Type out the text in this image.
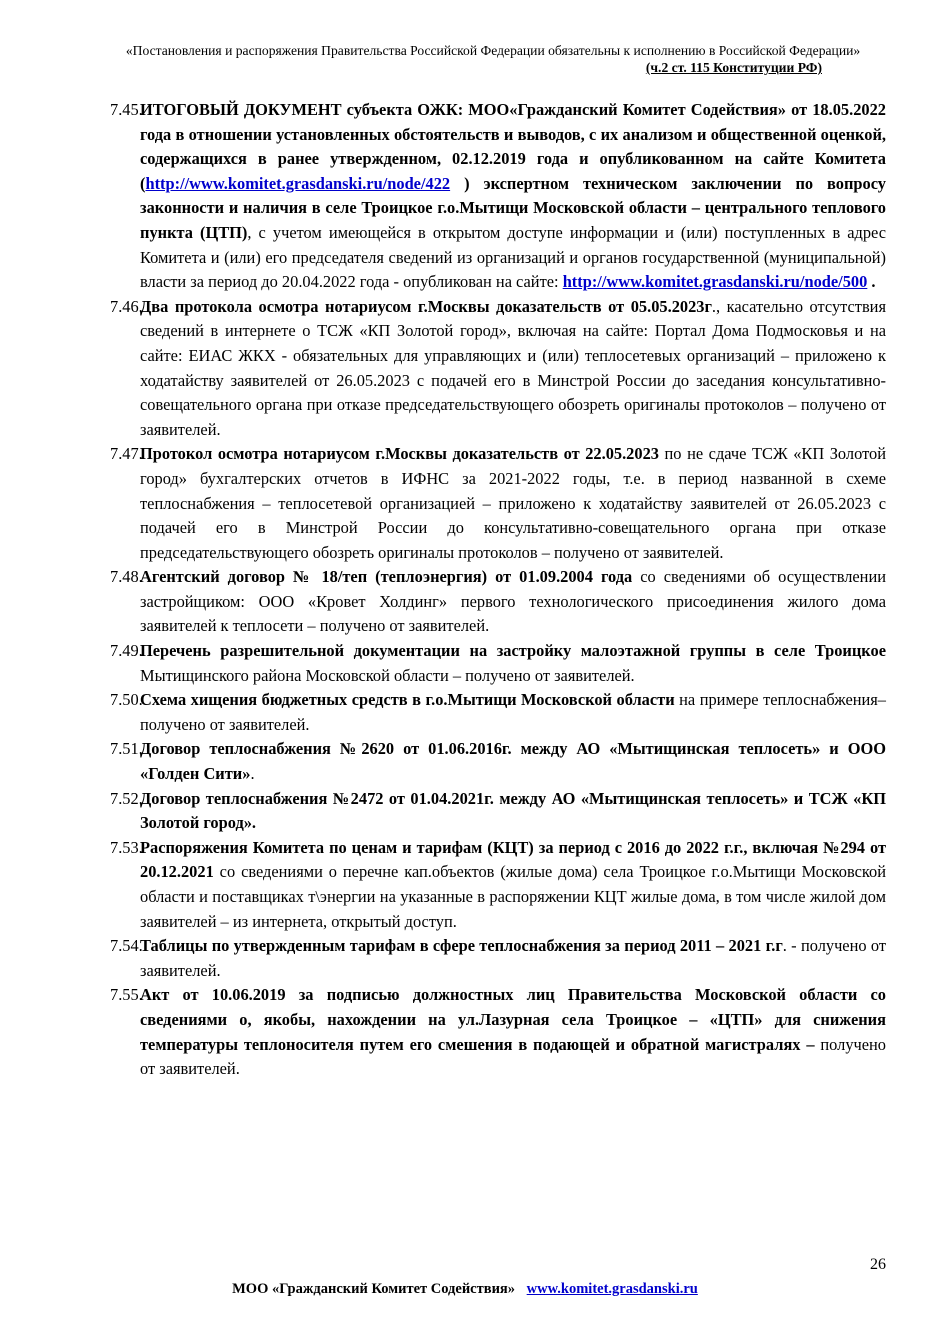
«Постановления и распоряжения Правительства Российской Федерации обязательны к исполнению в Российской Федерации»
(ч.2 ст. 115 Конституции РФ)
7.45.
ИТОГОВЫЙ ДОКУМЕНТ субъекта ОЖК: МОО«Гражданский Комитет Содействия» от 18.05.2022 года в отношении установленных обстоятельств и выводов, с их анализом и общественной оценкой, содержащихся в ранее утвержденном, 02.12.2019 года и опубликованном на сайте Комитета (http://www.komitet.grasdanski.ru/node/422 ) экспертном техническом заключении по вопросу законности и наличия в селе Троицкое г.о.Мытищи Московской области – центрального теплового пункта (ЦТП), с учетом имеющейся в открытом доступе информации и (или) поступленных в адрес Комитета и (или) его председателя сведений из организаций и органов государственной (муниципальной) власти за период до 20.04.2022 года - опубликован на сайте: http://www.komitet.grasdanski.ru/node/500 .
7.46.
Два протокола осмотра нотариусом г.Москвы доказательств от 05.05.2023г., касательно отсутствия сведений в интернете о ТСЖ «КП Золотой город», включая на сайте: Портал Дома Подмосковья и на сайте: ЕИАС ЖКХ - обязательных для управляющих и (или) теплосетевых организаций – приложено к ходатайству заявителей от 26.05.2023 с подачей его в Минстрой России до заседания консультативно-совещательного органа при отказе председательствующего обозреть оригиналы протоколов – получено от заявителей.
7.47.
Протокол осмотра нотариусом г.Москвы доказательств от 22.05.2023 по не сдаче ТСЖ «КП Золотой город» бухгалтерских отчетов в ИФНС за 2021-2022 годы, т.е. в период названной в схеме теплоснабжения – теплосетевой организацией – приложено к ходатайству заявителей от 26.05.2023 с подачей его в Минстрой России до консультативно-совещательного органа при отказе председательствующего обозреть оригиналы протоколов – получено от заявителей.
7.48.
Агентский договор № 18/теп (теплоэнергия) от 01.09.2004 года со сведениями об осуществлении застройщиком: ООО «Кровет Холдинг» первого технологического присоединения жилого дома заявителей к теплосети – получено от заявителей.
7.49.
Перечень разрешительной документации на застройку малоэтажной группы в селе Троицкое Мытищинского района Московской области – получено от заявителей.
7.50.
Схема хищения бюджетных средств в г.о.Мытищи Московской области на примере теплоснабжения– получено от заявителей.
7.51.
Договор теплоснабжения №2620 от 01.06.2016г. между АО «Мытищинская теплосеть» и ООО «Голден Сити».
7.52.
Договор теплоснабжения №2472 от 01.04.2021г. между АО «Мытищинская теплосеть» и ТСЖ «КП Золотой город».
7.53.
Распоряжения Комитета по ценам и тарифам (КЦТ) за период с 2016 до 2022 г.г., включая №294 от 20.12.2021 со сведениями о перечне кап.объектов (жилые дома) села Троицкое г.о.Мытищи Московской области и поставщиках т\энергии на указанные в распоряжении КЦТ жилые дома, в том числе жилой дом заявителей – из интернета, открытый доступ.
7.54.
Таблицы по утвержденным тарифам в сфере теплоснабжения за период 2011 – 2021 г.г. - получено от заявителей.
7.55.
Акт от 10.06.2019 за подписью должностных лиц Правительства Московской области со сведениями о, якобы, нахождении на ул.Лазурная села Троицкое – «ЦТП» для снижения температуры теплоносителя путем его смешения в подающей и обратной магистралях – получено от заявителей.
26
МОО «Гражданский Комитет Содействия» www.komitet.grasdanski.ru
